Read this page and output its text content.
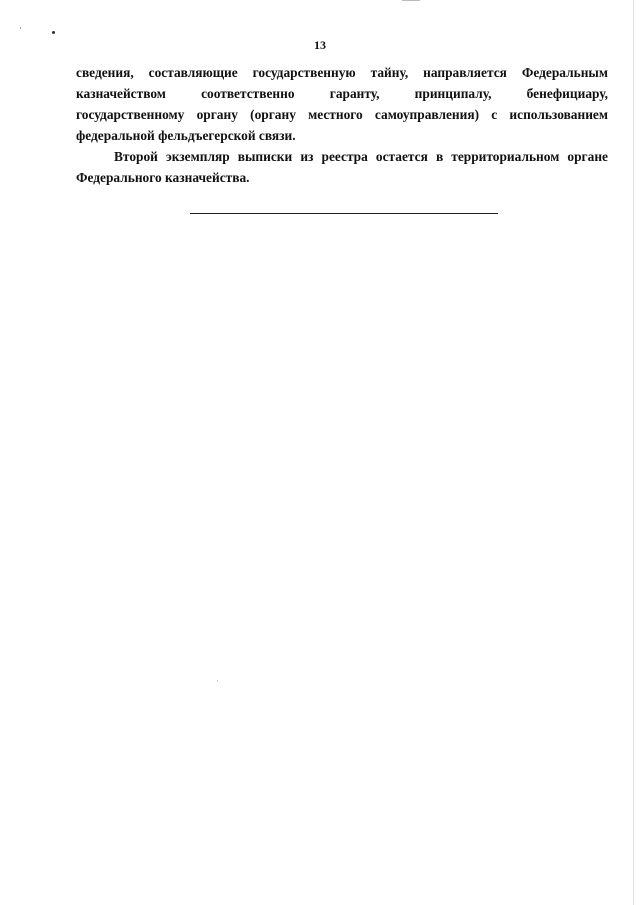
13

сведения, составляющие государственную тайну, направляется Федеральным
казначейством соответственно гаранту, принципалу, бенефициару,
государственному органу (органу местного самоуправления) с использованием
федеральной фельдъегерской связи.

Второй экземпляр выписки из реестра остается в территориальном органе
Федерального казначейства.
